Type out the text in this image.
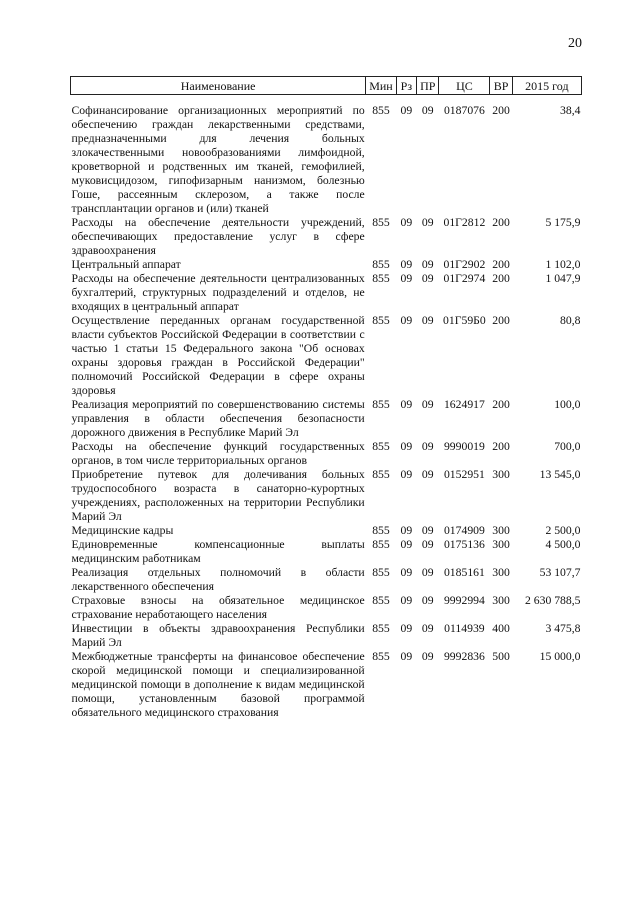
20
Наименование	Мин	Рз	ПР	ЦС	ВР	2015 год

Софинансирование организационных мероприятий по обеспечению граждан лекарственными средствами, предназначенными для лечения больных злокачественными новообразованиями лимфоидной, кроветворной и родственных им тканей, гемофилией, муковисцидозом, гипофизарным нанизмом, болезнью Гоше, рассеянным склерозом, а также после трансплантации органов и (или) тканей	855	09	09	0187076	200	38,4
Расходы на обеспечение деятельности учреждений, обеспечивающих предоставление услуг в сфере здравоохранения	855	09	09	01Г2812	200	5 175,9
Центральный аппарат	855	09	09	01Г2902	200	1 102,0
Расходы на обеспечение деятельности централизованных бухгалтерий, структурных подразделений и отделов, не входящих в центральный аппарат	855	09	09	01Г2974	200	1 047,9
Осуществление переданных органам государственной власти субъектов Российской Федерации в соответствии с частью 1 статьи 15 Федерального закона "Об основах охраны здоровья граждан в Российской Федерации" полномочий Российской Федерации в сфере охраны здоровья	855	09	09	01Г59Б0	200	80,8
Реализация мероприятий по совершенствованию системы управления в области обеспечения безопасности дорожного движения в Республике Марий Эл	855	09	09	1624917	200	100,0
Расходы на обеспечение функций государственных органов, в том числе территориальных органов	855	09	09	9990019	200	700,0
Приобретение путевок для долечивания больных трудоспособного возраста в санаторно-курортных учреждениях, расположенных на территории Республики Марий Эл	855	09	09	0152951	300	13 545,0
Медицинские кадры	855	09	09	0174909	300	2 500,0
Единовременные компенсационные выплаты медицинским работникам	855	09	09	0175136	300	4 500,0
Реализация отдельных полномочий в области лекарственного обеспечения	855	09	09	0185161	300	53 107,7
Страховые взносы на обязательное медицинское страхование неработающего населения	855	09	09	9992994	300	2 630 788,5
Инвестиции в объекты здравоохранения Республики Марий Эл	855	09	09	0114939	400	3 475,8
Межбюджетные трансферты на финансовое обеспечение скорой медицинской помощи и специализированной медицинской помощи в дополнение к видам медицинской помощи, установленным базовой программой обязательного медицинского страхования	855	09	09	9992836	500	15 000,0
